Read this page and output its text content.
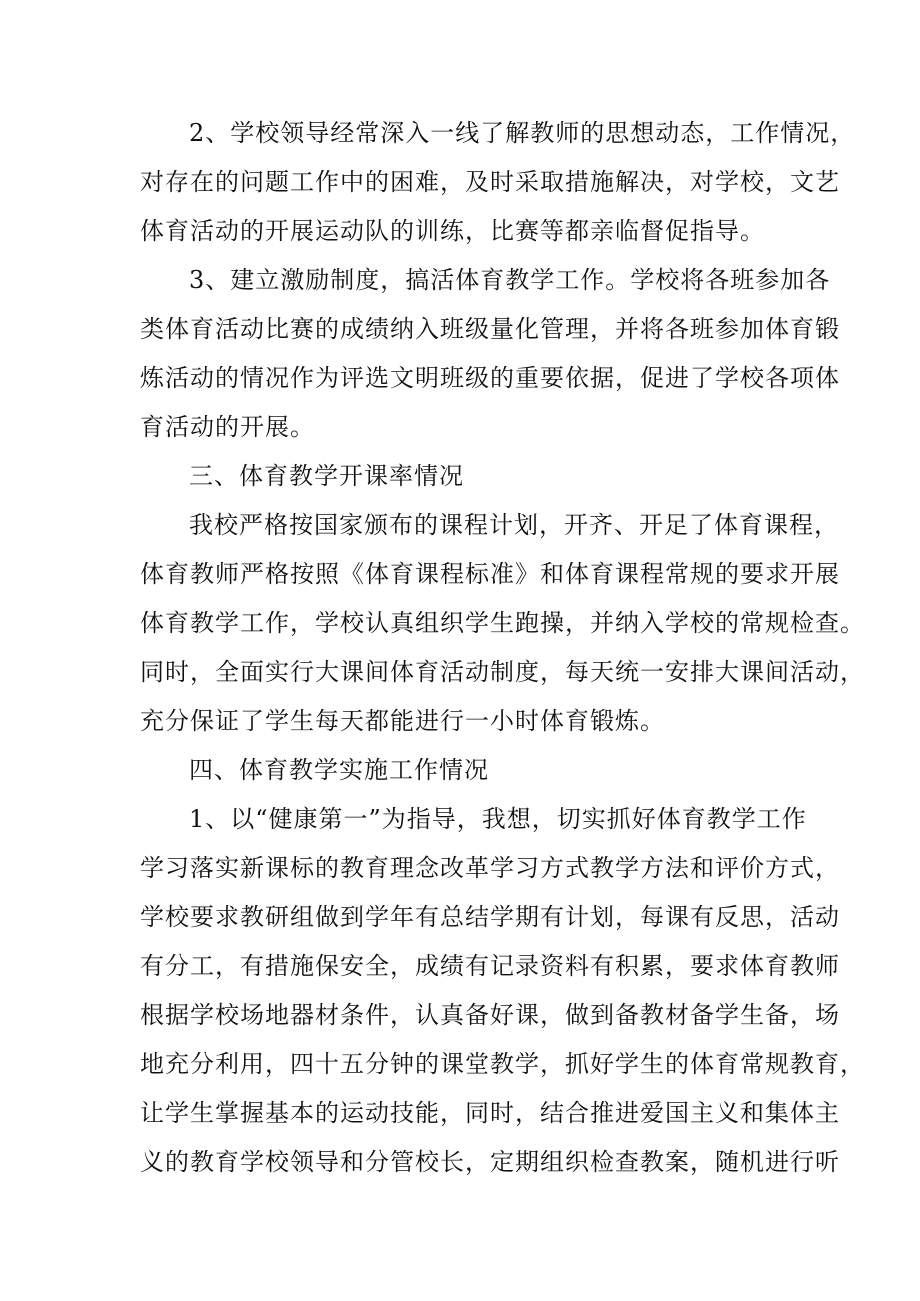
2、学校领导经常深入一线了解教师的思想动态，工作情况，
对存在的问题工作中的困难，及时采取措施解决，对学校，文艺
体育活动的开展运动队的训练，比赛等都亲临督促指导。
3、建立激励制度，搞活体育教学工作。学校将各班参加各
类体育活动比赛的成绩纳入班级量化管理，并将各班参加体育锻
炼活动的情况作为评选文明班级的重要依据，促进了学校各项体
育活动的开展。
三、体育教学开课率情况
我校严格按国家颁布的课程计划，开齐、开足了体育课程，
体育教师严格按照《体育课程标准》和体育课程常规的要求开展
体育教学工作，学校认真组织学生跑操，并纳入学校的常规检查。
同时，全面实行大课间体育活动制度，每天统一安排大课间活动，
充分保证了学生每天都能进行一小时体育锻炼。
四、体育教学实施工作情况
1、以“健康第一”为指导，我想，切实抓好体育教学工作
学习落实新课标的教育理念改革学习方式教学方法和评价方式，
学校要求教研组做到学年有总结学期有计划，每课有反思，活动
有分工，有措施保安全，成绩有记录资料有积累，要求体育教师
根据学校场地器材条件，认真备好课，做到备教材备学生备，场
地充分利用，四十五分钟的课堂教学，抓好学生的体育常规教育，
让学生掌握基本的运动技能，同时，结合推进爱国主义和集体主
义的教育学校领导和分管校长，定期组织检查教案，随机进行听
